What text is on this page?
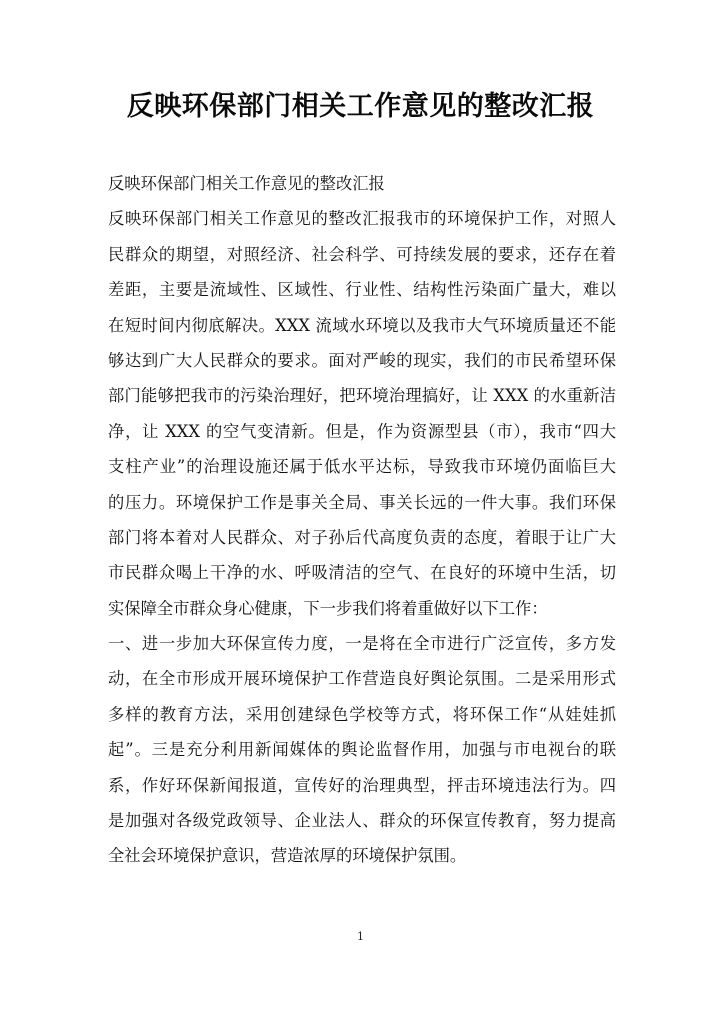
反映环保部门相关工作意见的整改汇报
反映环保部门相关工作意见的整改汇报
反映环保部门相关工作意见的整改汇报我市的环境保护工作，对照人
民群众的期望，对照经济、社会科学、可持续发展的要求，还存在着
差距，主要是流域性、区域性、行业性、结构性污染面广量大，难以
在短时间内彻底解决。XXX 流域水环境以及我市大气环境质量还不能
够达到广大人民群众的要求。面对严峻的现实，我们的市民希望环保
部门能够把我市的污染治理好，把环境治理搞好，让 XXX 的水重新洁
净，让 XXX 的空气变清新。但是，作为资源型县（市），我市“四大
支柱产业”的治理设施还属于低水平达标，导致我市环境仍面临巨大
的压力。环境保护工作是事关全局、事关长远的一件大事。我们环保
部门将本着对人民群众、对子孙后代高度负责的态度，着眼于让广大
市民群众喝上干净的水、呼吸清洁的空气、在良好的环境中生活，切
实保障全市群众身心健康，下一步我们将着重做好以下工作：
一、进一步加大环保宣传力度，一是将在全市进行广泛宣传，多方发
动，在全市形成开展环境保护工作营造良好舆论氛围。二是采用形式
多样的教育方法，采用创建绿色学校等方式，将环保工作“从娃娃抓
起”。三是充分利用新闻媒体的舆论监督作用，加强与市电视台的联
系，作好环保新闻报道，宣传好的治理典型，抨击环境违法行为。四
是加强对各级党政领导、企业法人、群众的环保宣传教育，努力提高
全社会环境保护意识，营造浓厚的环境保护氛围。
1
